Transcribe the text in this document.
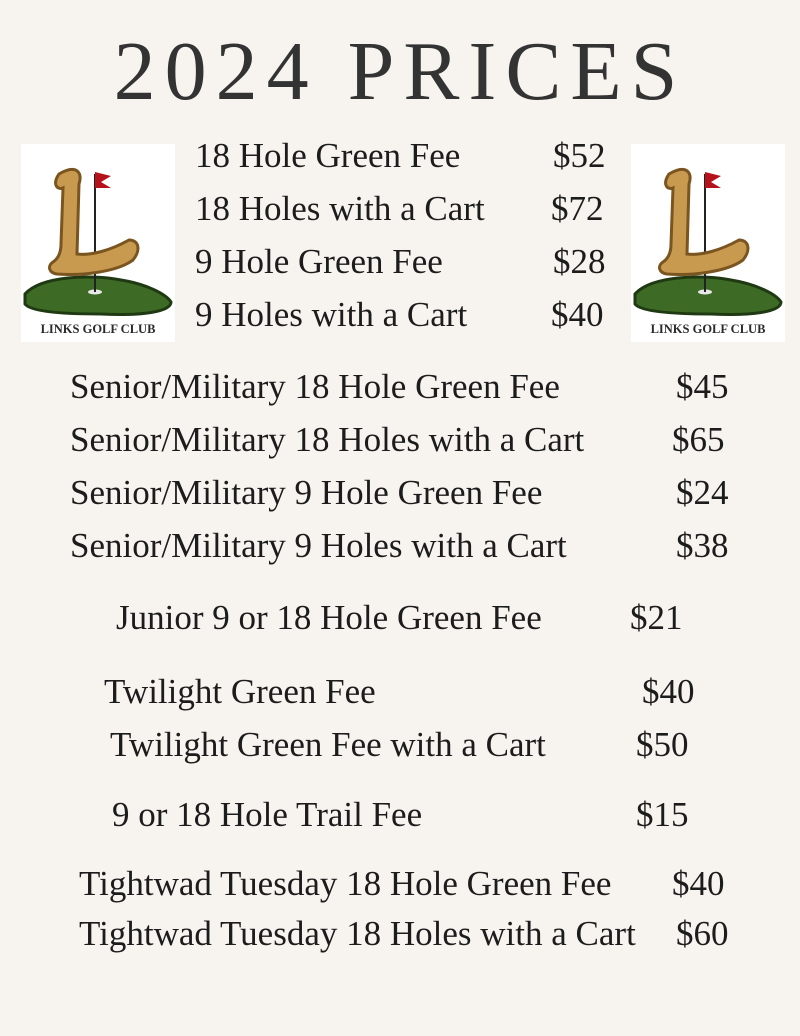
2024 PRICES
LINKS GOLF CLUB	LINKS GOLF CLUB
18 Hole Green Fee	$52
18 Holes with a Cart $72
9 Hole Green Fee	$28
9 Holes with a Cart $40
Senior/Military 18 Hole Green Fee	$45
Senior/Military 18 Holes with a Cart	$65
Senior/Military 9 Hole Green Fee	$24
Senior/Military 9 Holes with a Cart	$38
Junior 9 or 18 Hole Green Fee	$21
Twilight Green Fee	$40
Twilight Green Fee with a Cart	$50
9 or 18 Hole Trail Fee	$15
Tightwad Tuesday 18 Hole Green Fee $40
Tightwad Tuesday 18 Holes with a Cart $60
